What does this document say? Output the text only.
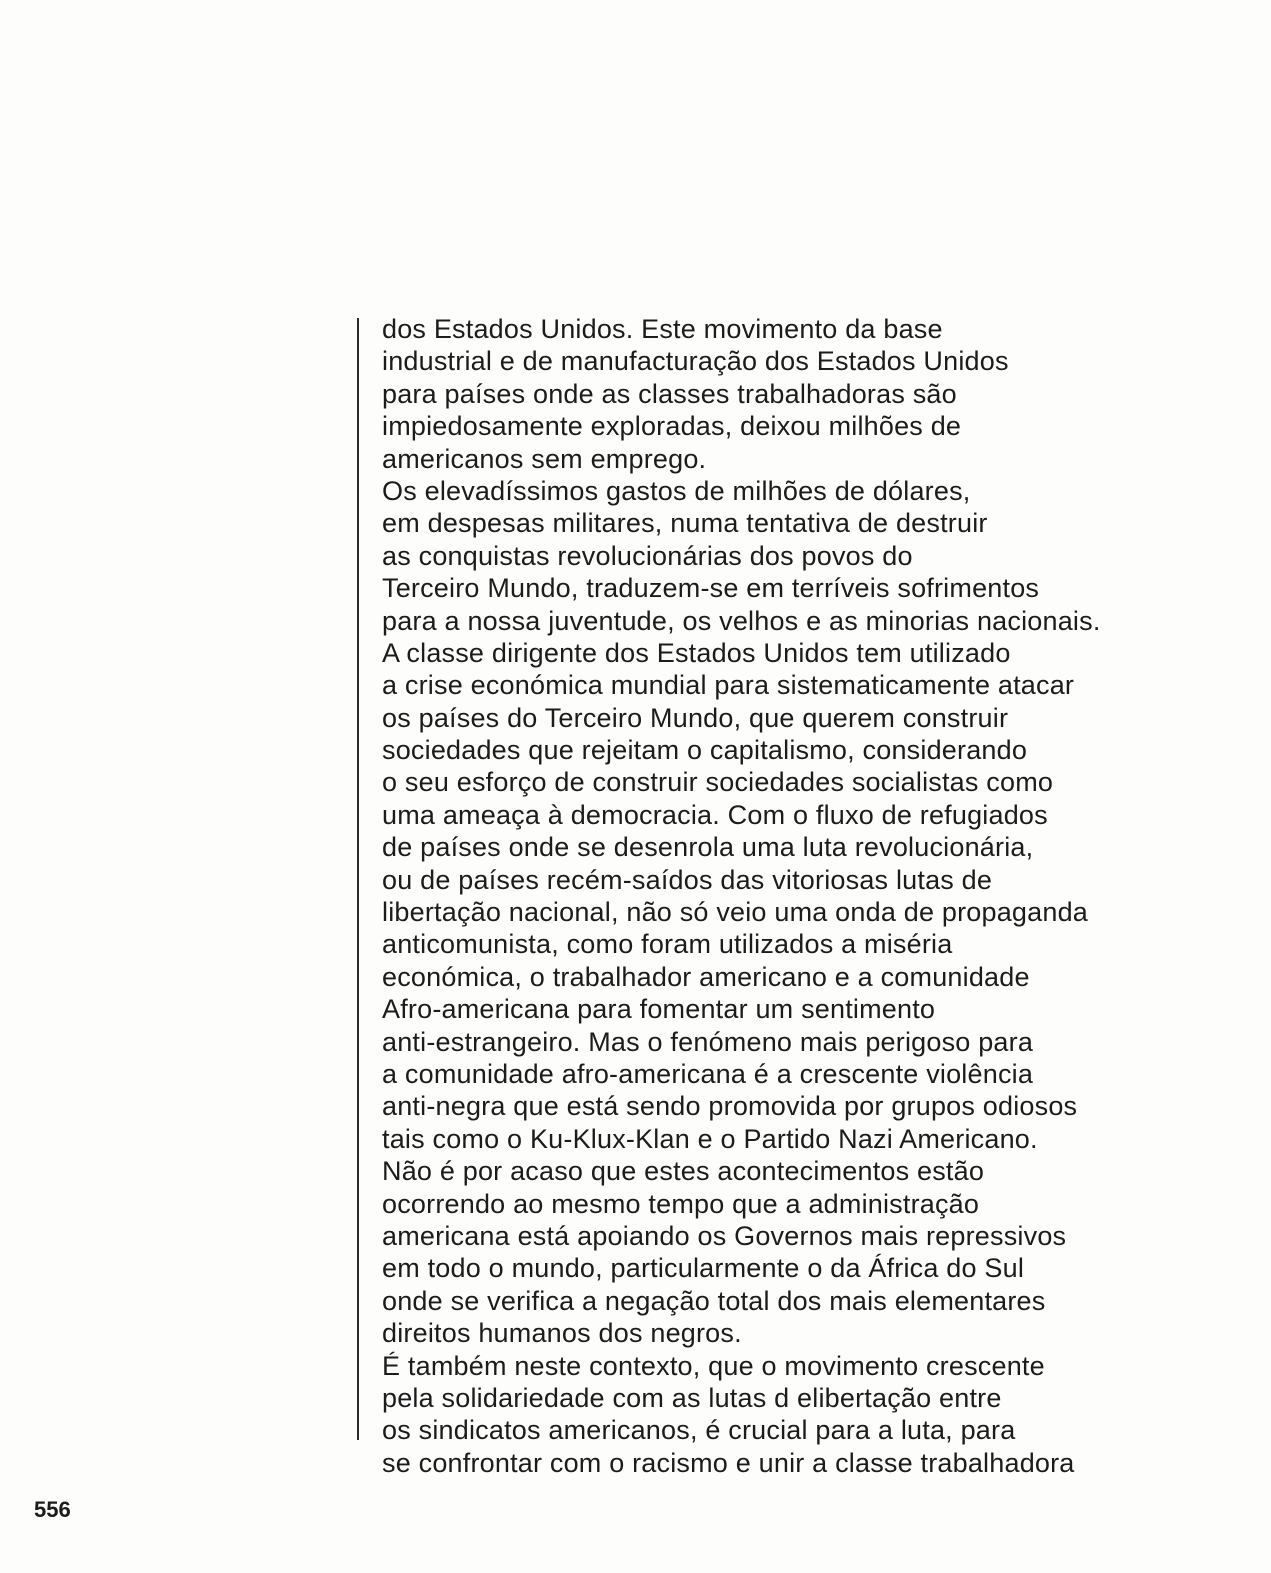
dos Estados Unidos. Este movimento da base
industrial e de manufacturação dos Estados Unidos
para países onde as classes trabalhadoras são
impiedosamente exploradas, deixou milhões de
americanos sem emprego.
Os elevadíssimos gastos de milhões de dólares,
em despesas militares, numa tentativa de destruir
as conquistas revolucionárias dos povos do
Terceiro Mundo, traduzem-se em terríveis sofrimentos
para a nossa juventude, os velhos e as minorias nacionais.
A classe dirigente dos Estados Unidos tem utilizado
a crise económica mundial para sistematicamente atacar
os países do Terceiro Mundo, que querem construir
sociedades que rejeitam o capitalismo, considerando
o seu esforço de construir sociedades socialistas como
uma ameaça à democracia. Com o fluxo de refugiados
de países onde se desenrola uma luta revolucionária,
ou de países recém-saídos das vitoriosas lutas de
libertação nacional, não só veio uma onda de propaganda
anticomunista, como foram utilizados a miséria
económica, o trabalhador americano e a comunidade
Afro-americana para fomentar um sentimento
anti-estrangeiro. Mas o fenómeno mais perigoso para
a comunidade afro-americana é a crescente violência
anti-negra que está sendo promovida por grupos odiosos
tais como o Ku-Klux-Klan e o Partido Nazi Americano.
Não é por acaso que estes acontecimentos estão
ocorrendo ao mesmo tempo que a administração
americana está apoiando os Governos mais repressivos
em todo o mundo, particularmente o da África do Sul
onde se verifica a negação total dos mais elementares
direitos humanos dos negros.
É também neste contexto, que o movimento crescente
pela solidariedade com as lutas d elibertação entre
os sindicatos americanos, é crucial para a luta, para
se confrontar com o racismo e unir a classe trabalhadora
556
